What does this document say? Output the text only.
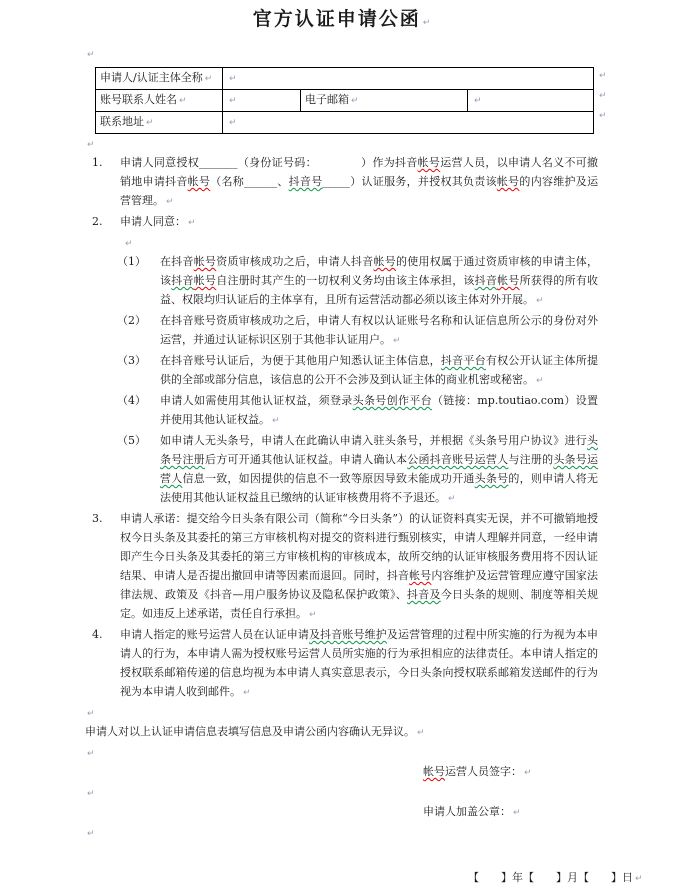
官方认证申请公函 ↵
↵
申请人/认证主体全称 ↵	↵		
账号联系人姓名 ↵	↵	电子邮箱 ↵	↵
联系地址 ↵	↵		
↵
↵
↵
↵
1.	申请人同意授权_______（身份证号码：	）作为抖音帐号运营人员，以申请人名义不可撤销地申请抖音帐号（名称______、抖音号_____）认证服务，并授权其负责该帐号的内容维护及运营管理。 ↵
2.	申请人同意： ↵
↵
（1）	在抖音帐号资质审核成功之后，申请人抖音帐号的使用权属于通过资质审核的申请主体，该抖音帐号自注册时其产生的一切权利义务均由该主体承担，该抖音帐号所获得的所有收益、权限均归认证后的主体享有，且所有运营活动都必须以该主体对外开展。 ↵
（2）	在抖音账号资质审核成功之后，申请人有权以认证账号名称和认证信息所公示的身份对外运营，并通过认证标识区别于其他非认证用户。 ↵
（3）	在抖音账号认证后，为便于其他用户知悉认证主体信息，抖音平台有权公开认证主体所提供的全部或部分信息，该信息的公开不会涉及到认证主体的商业机密或秘密。 ↵
（4）	申请人如需使用其他认证权益，须登录头条号创作平台（链接：mp.toutiao.com）设置并使用其他认证权益。 ↵
（5）	如申请人无头条号，申请人在此确认申请入驻头条号，并根据《头条号用户协议》进行头条号注册后方可开通其他认证权益。申请人确认本公函抖音账号运营人与注册的头条号运营人信息一致，如因提供的信息不一致等原因导致未能成功开通头条号的，则申请人将无法使用其他认证权益且已缴纳的认证审核费用将不予退还。 ↵
3.	申请人承诺：提交给今日头条有限公司（简称“今日头条”）的认证资料真实无误，并不可撤销地授权今日头条及其委托的第三方审核机构对提交的资料进行甄别核实，申请人理解并同意，一经申请即产生今日头条及其委托的第三方审核机构的审核成本，故所交纳的认证审核服务费用将不因认证结果、申请人是否提出撤回申请等因素而退回。同时，抖音帐号内容维护及运营管理应遵守国家法律法规、政策及《抖音—用户服务协议及隐私保护政策》、抖音及今日头条的规则、制度等相关规定。如违反上述承诺，责任自行承担。 ↵
4.	申请人指定的账号运营人员在认证申请及抖音账号维护及运营管理的过程中所实施的行为视为本申请人的行为，本申请人需为授权账号运营人员所实施的行为承担相应的法律责任。本申请人指定的授权联系邮箱传递的信息均视为本申请人真实意思表示，今日头条向授权联系邮箱发送邮件的行为视为本申请人收到邮件。 ↵
↵
申请人对以上认证申请信息表填写信息及申请公函内容确认无异议。 ↵
↵
帐号运营人员签字： ↵
↵
申请人加盖公章： ↵
↵
【　　】年【　　】月【　　】日 ↵
